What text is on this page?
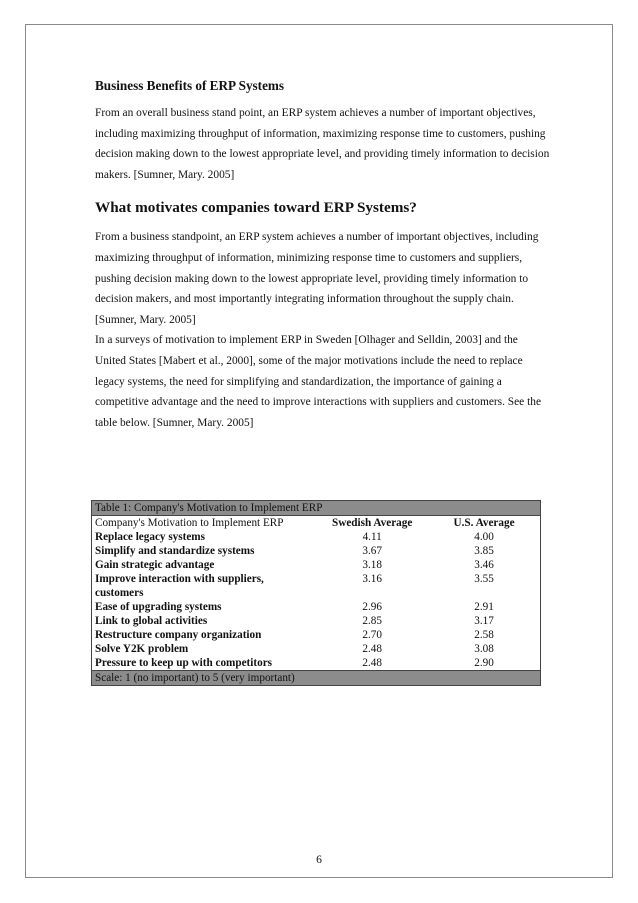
Business Benefits of ERP Systems

From an overall business stand point, an ERP system achieves a number of important objectives, including maximizing throughput of information, maximizing response time to customers, pushing decision making down to the lowest appropriate level, and providing timely information to decision makers. [Sumner, Mary. 2005]

What motivates companies toward ERP Systems?

From a business standpoint, an ERP system achieves a number of important objectives, including maximizing throughput of information, minimizing response time to customers and suppliers, pushing decision making down to the lowest appropriate level, providing timely information to decision makers, and most importantly integrating information throughout the supply chain. [Sumner, Mary. 2005]

In a surveys of motivation to implement ERP in Sweden [Olhager and Selldin, 2003] and the United States [Mabert et al., 2000], some of the major motivations include the need to replace legacy systems, the need for simplifying and standardization, the importance of gaining a competitive advantage and the need to improve interactions with suppliers and customers. See the table below. [Sumner, Mary. 2005]

Table 1: Company's Motivation to Implement ERP		
Company's Motivation to Implement ERP	Swedish Average	U.S. Average
Replace legacy systems	4.11	4.00
Simplify and standardize systems	3.67	3.85
Gain strategic advantage	3.18	3.46
Improve interaction with suppliers, customers	3.16	3.55
Ease of upgrading systems	2.96	2.91
Link to global activities	2.85	3.17
Restructure company organization	2.70	2.58
Solve Y2K problem	2.48	3.08
Pressure to keep up with competitors	2.48	2.90
Scale: 1 (no important) to 5 (very important)		
6
